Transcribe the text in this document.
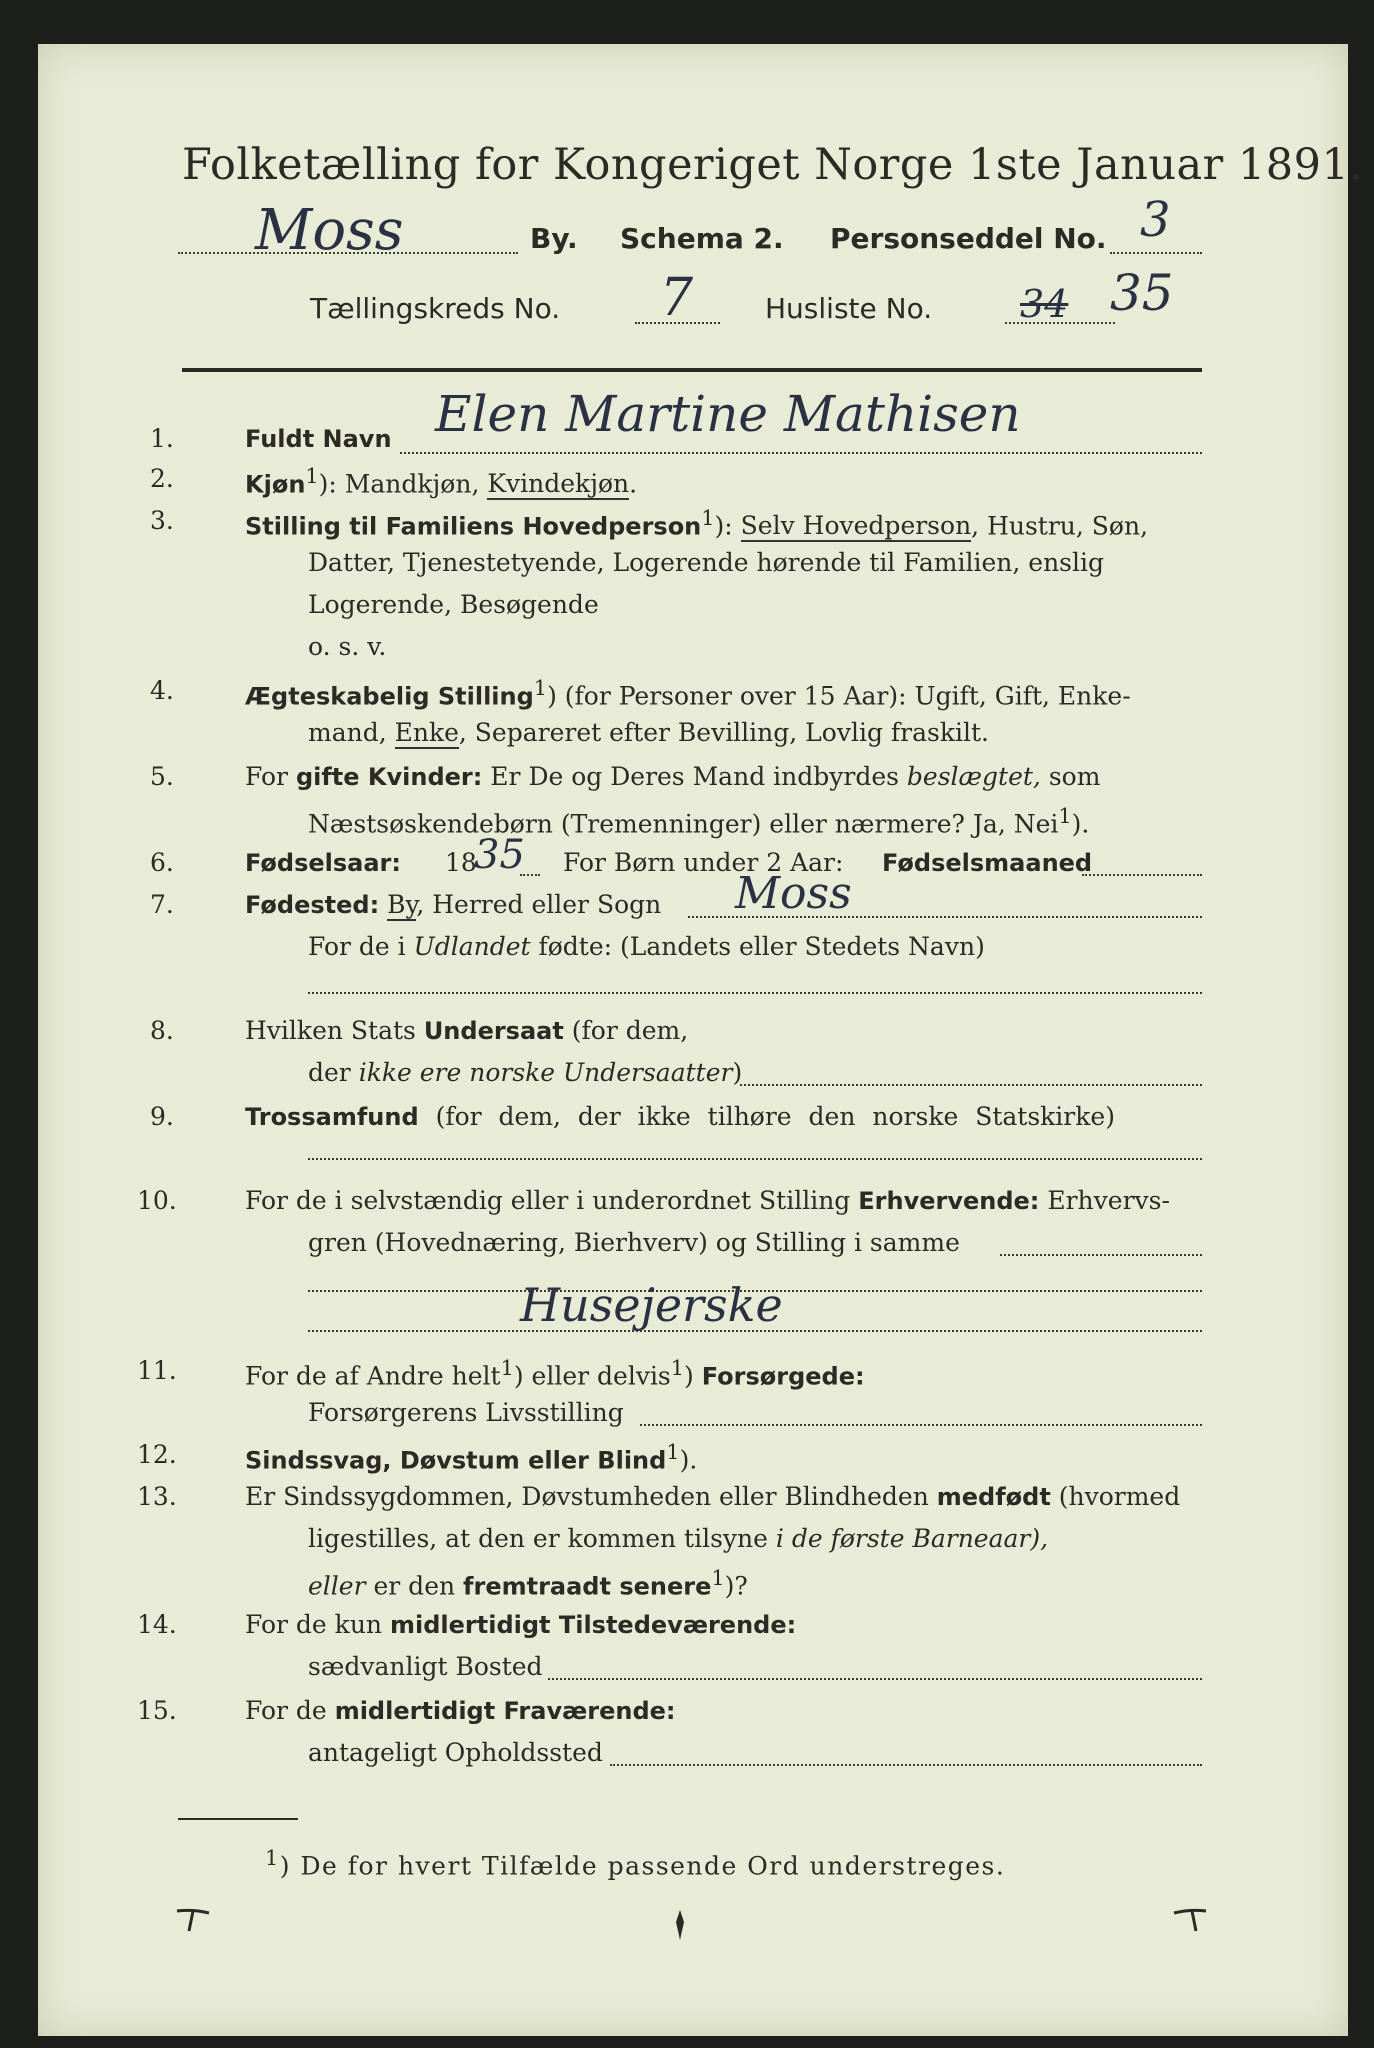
Folketælling for Kongeriget Norge 1ste Januar 1891.
Moss	By. Schema 2. Personseddel No. 3
Tællingskreds No. 7	Husliste No. 34 35
1.	Fuldt Navn Elen Martine Mathisen
2.	Kjøn$^1$): Mandkjøn, Kvindekjøn.
3.	Stilling til Familiens Hovedperson$^1$): Selv Hovedperson, Hustru, Søn,
Datter, Tjenestetyende, Logerende hørende til Familien, enslig
Logerende, Besøgende
o. s. v.
4.	Ægteskabelig Stilling$^1$) (for Personer over 15 Aar): Ugift, Gift, Enke-
mand, Enke, Separeret efter Bevilling, Lovlig fraskilt.
5.	For gifte Kvinder: Er De og Deres Mand indbyrdes beslægtet, som
Næstsøskendebørn (Tremenninger) eller nærmere? Ja, Nei$^1$).
6.	Fødselsaar: 18
35 For Børn under 2 Aar: Fødselsmaaned
7.	Fødested: By, Herred eller Sogn Moss
For de i Udlandet fødte: (Landets eller Stedets Navn)
8.	Hvilken Stats Undersaat (for dem,
der ikke ere norske Undersaatter)
9.	Trossamfund (for dem, der ikke tilhøre den norske Statskirke)
10.	For de i selvstændig eller i underordnet Stilling Erhvervende: Erhvervs-
gren (Hovednæring, Bierhverv) og Stilling i samme
Husejerske
11.	For de af Andre helt$^1$) eller delvis$^1$) Forsørgede:
Forsørgerens Livsstilling
12.	Sindssvag, Døvstum eller Blind$^1$).
13.	Er Sindssygdommen, Døvstumheden eller Blindheden medfødt (hvormed
ligestilles, at den er kommen tilsyne i de første Barneaar),
eller er den fremtraadt senere$^1$)?
14.	For de kun midlertidigt Tilstedeværende:
sædvanligt Bosted
15.	For de midlertidigt Fraværende:
antageligt Opholdssted
$^1$) De for hvert Tilfælde passende Ord understreges.
